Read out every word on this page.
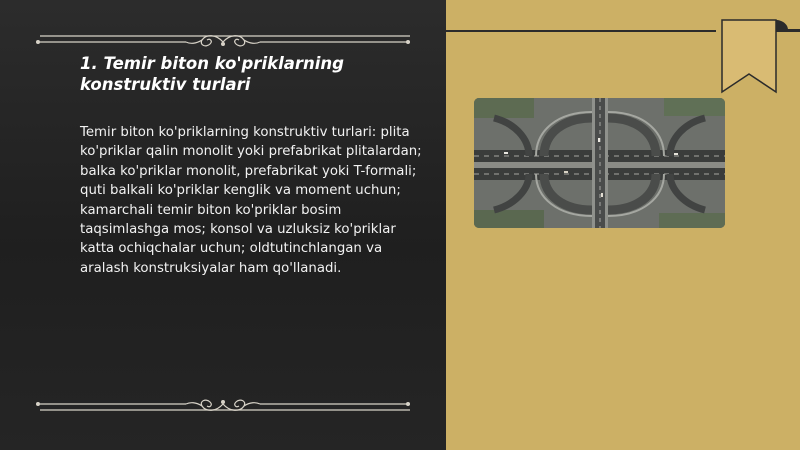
1. Temir biton ko'priklarning konstruktiv turlari

Temir biton ko'priklarning konstruktiv turlari: plita ko'priklar qalin monolit yoki prefabrikat plitalardan; balka ko'priklar monolit, prefabrikat yoki T-formali; quti balkali ko'priklar kenglik va moment uchun; kamarchali temir biton ko'priklar bosim taqsimlashga mos; konsol va uzluksiz ko'priklar katta ochiqchalar uchun; oldtutinchlangan va aralash konstruksiyalar ham qo'llanadi.
